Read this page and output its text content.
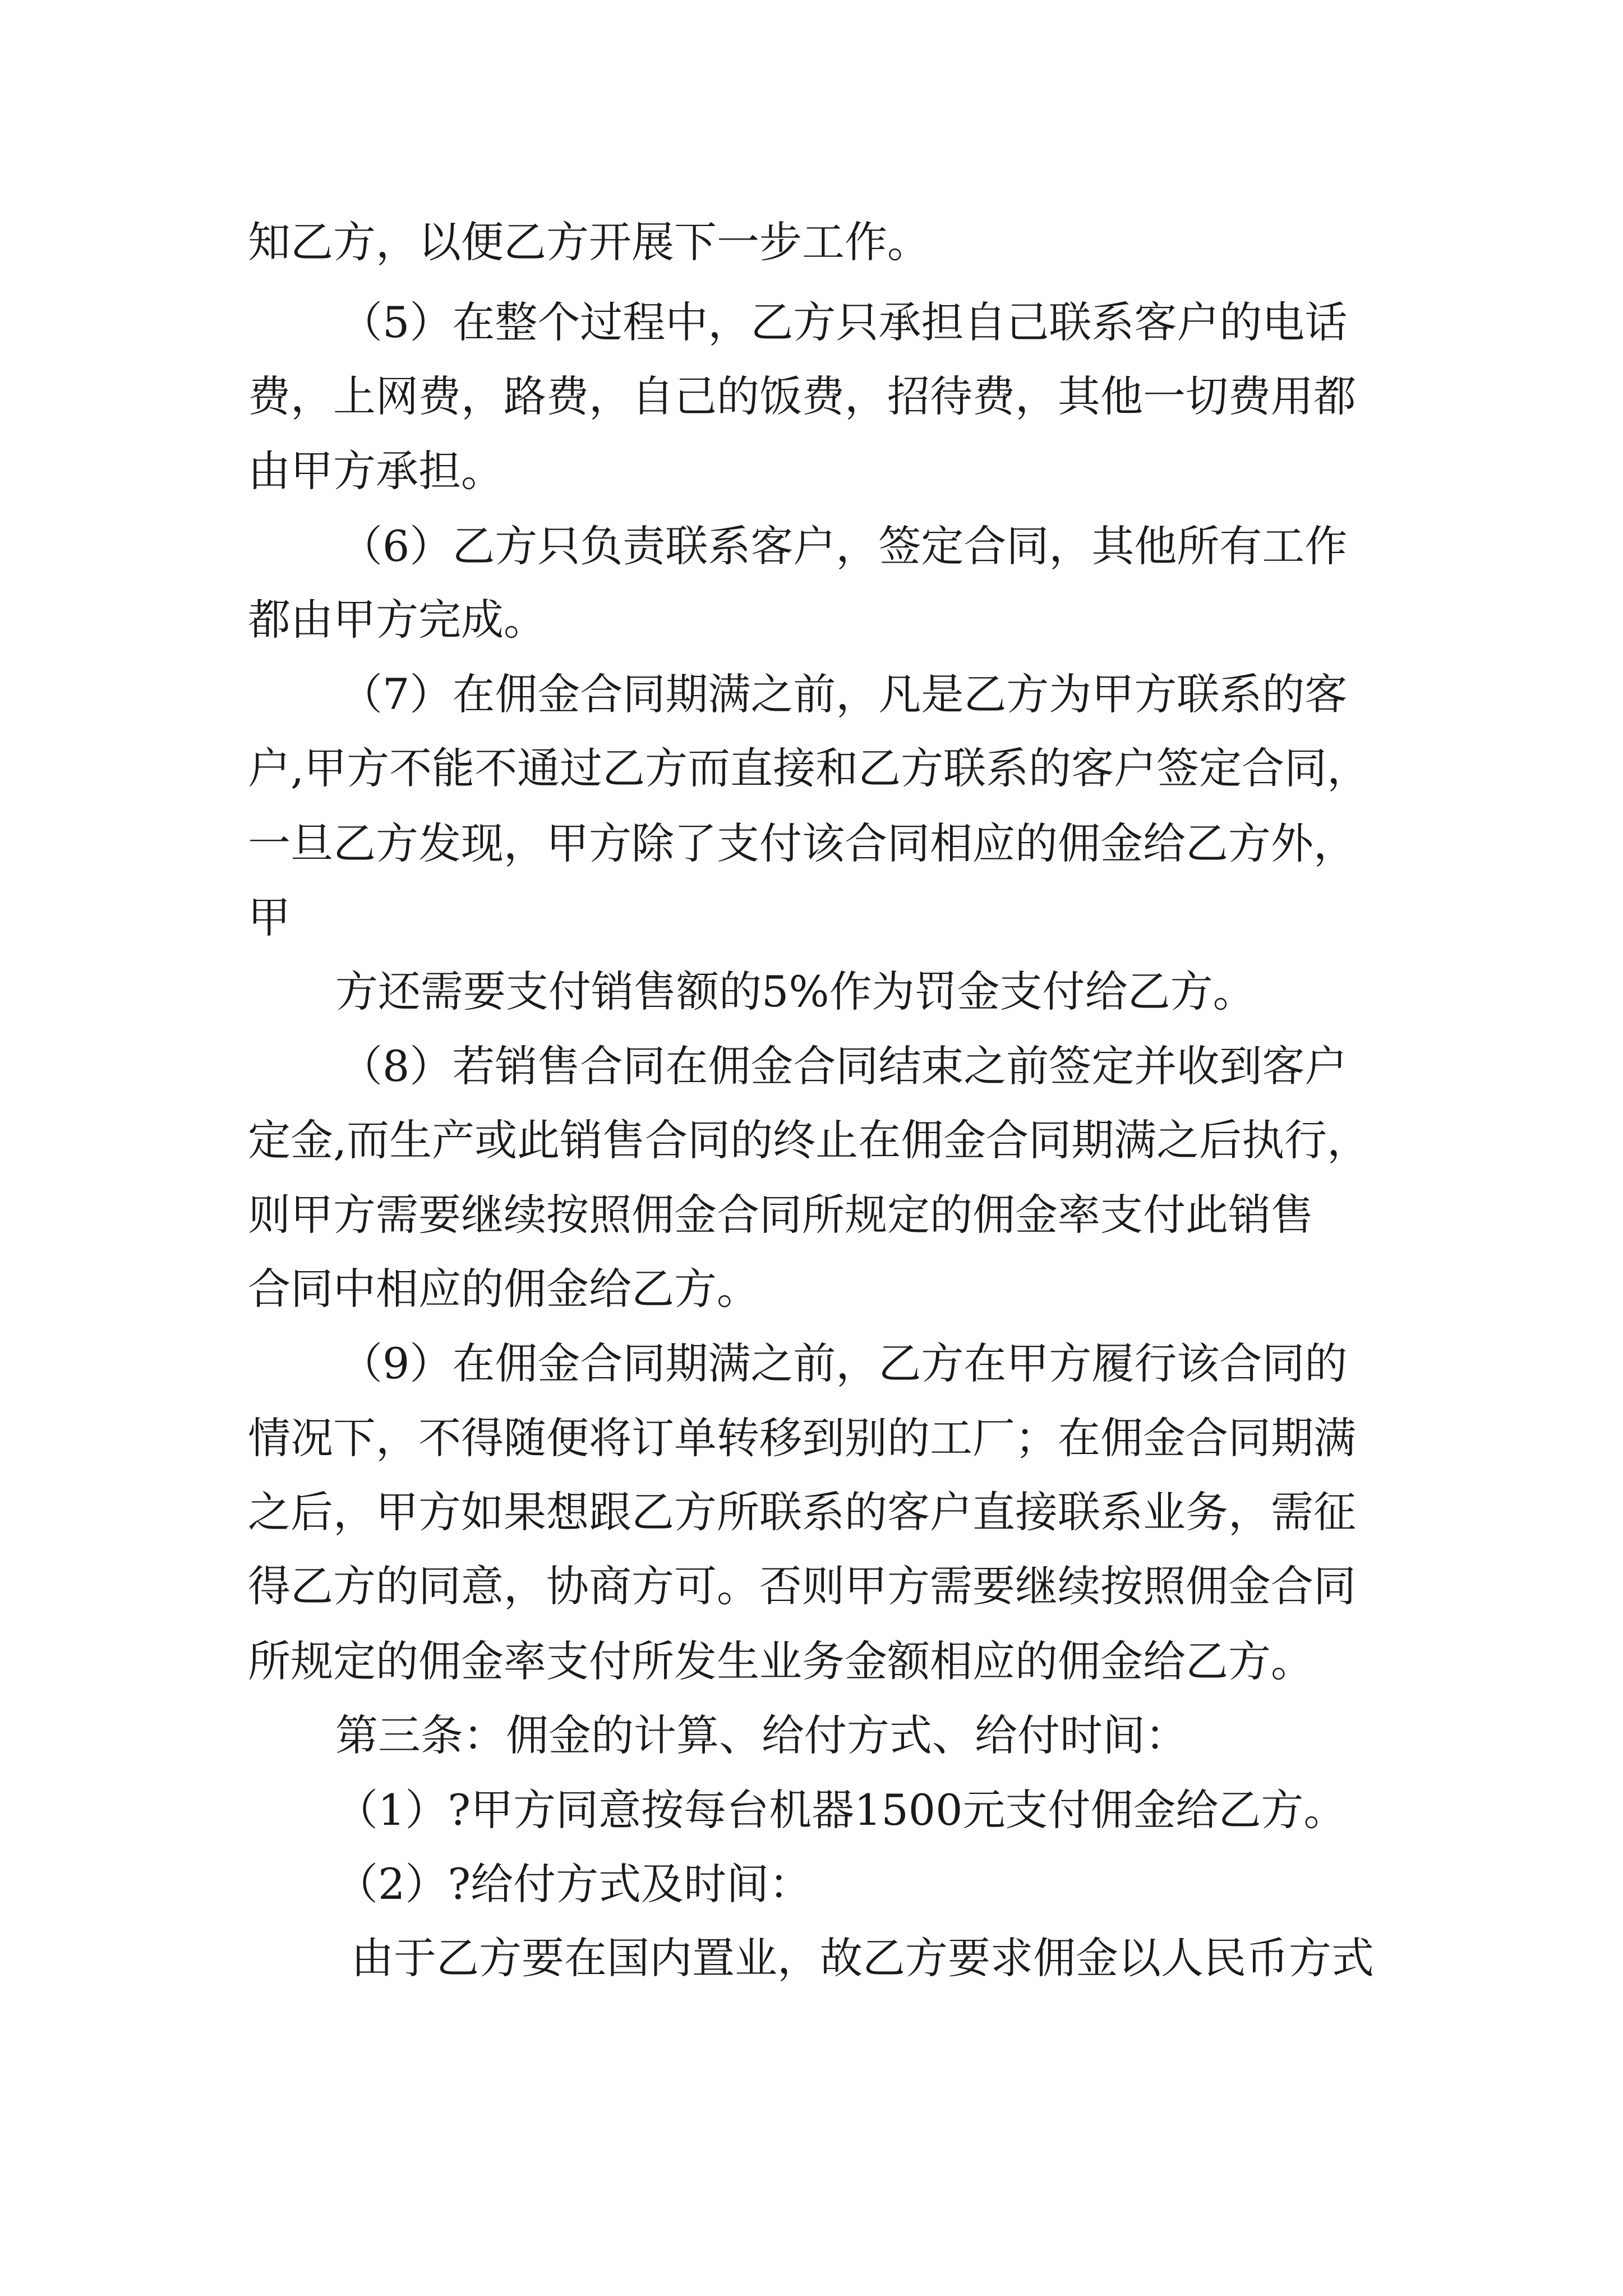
知乙方，以便乙方开展下一步工作。

（5）在整个过程中，乙方只承担自己联系客户的电话

费，上网费，路费，自己的饭费，招待费，其他一切费用都

由甲方承担。

（6）乙方只负责联系客户，签定合同，其他所有工作

都由甲方完成。

（7）在佣金合同期满之前，凡是乙方为甲方联系的客

户,甲方不能不通过乙方而直接和乙方联系的客户签定合同，

一旦乙方发现，甲方除了支付该合同相应的佣金给乙方外，

甲

方还需要支付销售额的5%作为罚金支付给乙方。

（8）若销售合同在佣金合同结束之前签定并收到客户

定金,而生产或此销售合同的终止在佣金合同期满之后执行，

则甲方需要继续按照佣金合同所规定的佣金率支付此销售

合同中相应的佣金给乙方。

（9）在佣金合同期满之前，乙方在甲方履行该合同的

情况下，不得随便将订单转移到别的工厂；在佣金合同期满

之后，甲方如果想跟乙方所联系的客户直接联系业务，需征

得乙方的同意，协商方可。否则甲方需要继续按照佣金合同

所规定的佣金率支付所发生业务金额相应的佣金给乙方。

第三条：佣金的计算、给付方式、给付时间：

（1）?甲方同意按每台机器1500元支付佣金给乙方。

（2）?给付方式及时间：

由于乙方要在国内置业，故乙方要求佣金以人民币方式
